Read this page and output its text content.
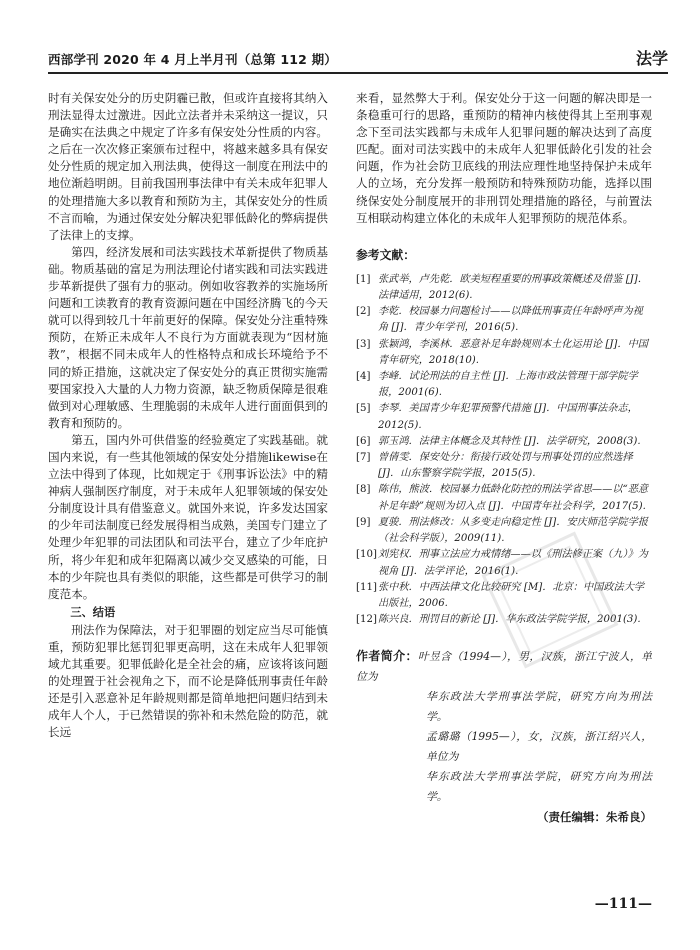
西部学刊 2020 年 4 月上半月刊（总第 112 期）	法学

时有关保安处分的历史阴霾已散，但或许直接将其纳入刑法显得太过激进。因此立法者并未采纳这一提议，只是确实在法典之中规定了许多有保安处分性质的内容。之后在一次次修正案颁布过程中，将越来越多具有保安处分性质的规定加入刑法典，使得这一制度在刑法中的地位渐趋明朗。目前我国刑事法律中有关未成年犯罪人的处理措施大多以教育和预防为主，其保安处分的性质不言而喻，为通过保安处分解决犯罪低龄化的弊病提供了法律上的支撑。

第四，经济发展和司法实践技术革新提供了物质基础。物质基础的富足为刑法理论付诸实践和司法实践进步革新提供了强有力的驱动。例如收容教养的实施场所问题和工读教育的教育资源问题在中国经济腾飞的今天就可以得到较几十年前更好的保障。保安处分注重特殊预防，在矫正未成年人不良行为方面就表现为“因材施教”，根据不同未成年人的性格特点和成长环境给予不同的矫正措施，这就决定了保安处分的真正贯彻实施需要国家投入大量的人力物力资源，缺乏物质保障是很难做到对心理敏感、生理脆弱的未成年人进行面面俱到的教育和预防的。

第五，国内外可供借鉴的经验奠定了实践基础。就国内来说，有一些其他领域的保安处分措施likewise在立法中得到了体现，比如规定于《刑事诉讼法》中的精神病人强制医疗制度，对于未成年人犯罪领域的保安处分制度设计具有借鉴意义。就国外来说，许多发达国家的少年司法制度已经发展得相当成熟，美国专门建立了处理少年犯罪的司法团队和司法平台，建立了少年庇护所，将少年犯和成年犯隔离以减少交叉感染的可能，日本的少年院也具有类似的职能，这些都是可供学习的制度范本。

三、结语

刑法作为保障法，对于犯罪圈的划定应当尽可能慎重，预防犯罪比惩罚犯罪更高明，这在未成年人犯罪领域尤其重要。犯罪低龄化是全社会的痛，应该将该问题的处理置于社会视角之下，而不论是降低刑事责任年龄还是引入恶意补足年龄规则都是简单地把问题归结到未成年人个人，于已然错误的弥补和未然危险的防范，就长远

来看，显然弊大于利。保安处分于这一问题的解决即是一条稳重可行的思路，重预防的精神内核使得其上至刑事观念下至司法实践都与未成年人犯罪问题的解决达到了高度匹配。面对司法实践中的未成年人犯罪低龄化引发的社会问题，作为社会防卫底线的刑法应理性地坚持保护未成年人的立场，充分发挥一般预防和特殊预防功能，选择以围绕保安处分制度展开的非刑罚处理措施的路径，与前置法互相联动构建立体化的未成年人犯罪预防的规范体系。

参考文献：
[1] 张武举，卢先乾．欧美短程重要的刑事政策概述及借鉴 [J]．法律适用，2012(6).
[2] 李乾．校园暴力问题检讨——以降低刑事责任年龄呼声为视角 [J]．青少年学刊，2016(5).
[3] 张颖鸿，李溪林．恶意补足年龄规则本土化运用论 [J]．中国青年研究，2018(10).
[4] 李峰．试论刑法的自主性 [J]．上海市政法管理干部学院学报，2001(6).
[5] 李琴．美国青少年犯罪预警代措施 [J]．中国刑事法杂志，2012(5).
[6] 郭玉鸿．法律主体概念及其特性 [J]．法学研究，2008(3).
[7] 曾倩雯．保安处分：衔接行政处罚与刑事处罚的应然选择 [J]．山东警察学院学报，2015(5).
[8] 陈伟，熊波．校园暴力低龄化防控的刑法学省思——以“恶意补足年龄”规则为切入点 [J]．中国青年社会科学，2017(5).
[9] 夏骏．刑法修改：从多变走向稳定性 [J]．安庆师范学院学报（社会科学版），2009(11).
[10] 刘宪权．刑事立法应力戒情绪——以《刑法修正案（九）》为视角 [J]．法学评论，2016(1).
[11] 张中秋．中西法律文化比较研究 [M]．北京：中国政法大学出版社，2006.
[12] 陈兴良．刑罚目的新论 [J]．华东政法学院学报，2001(3).
作者简介：叶昱含（1994—），男，汉族，浙江宁波人，单位为
华东政法大学刑事法学院，研究方向为刑法学。
孟璐璐（1995—），女，汉族，浙江绍兴人，单位为
华东政法大学刑事法学院，研究方向为刑法学。
（责任编辑：朱希良）
—111—
